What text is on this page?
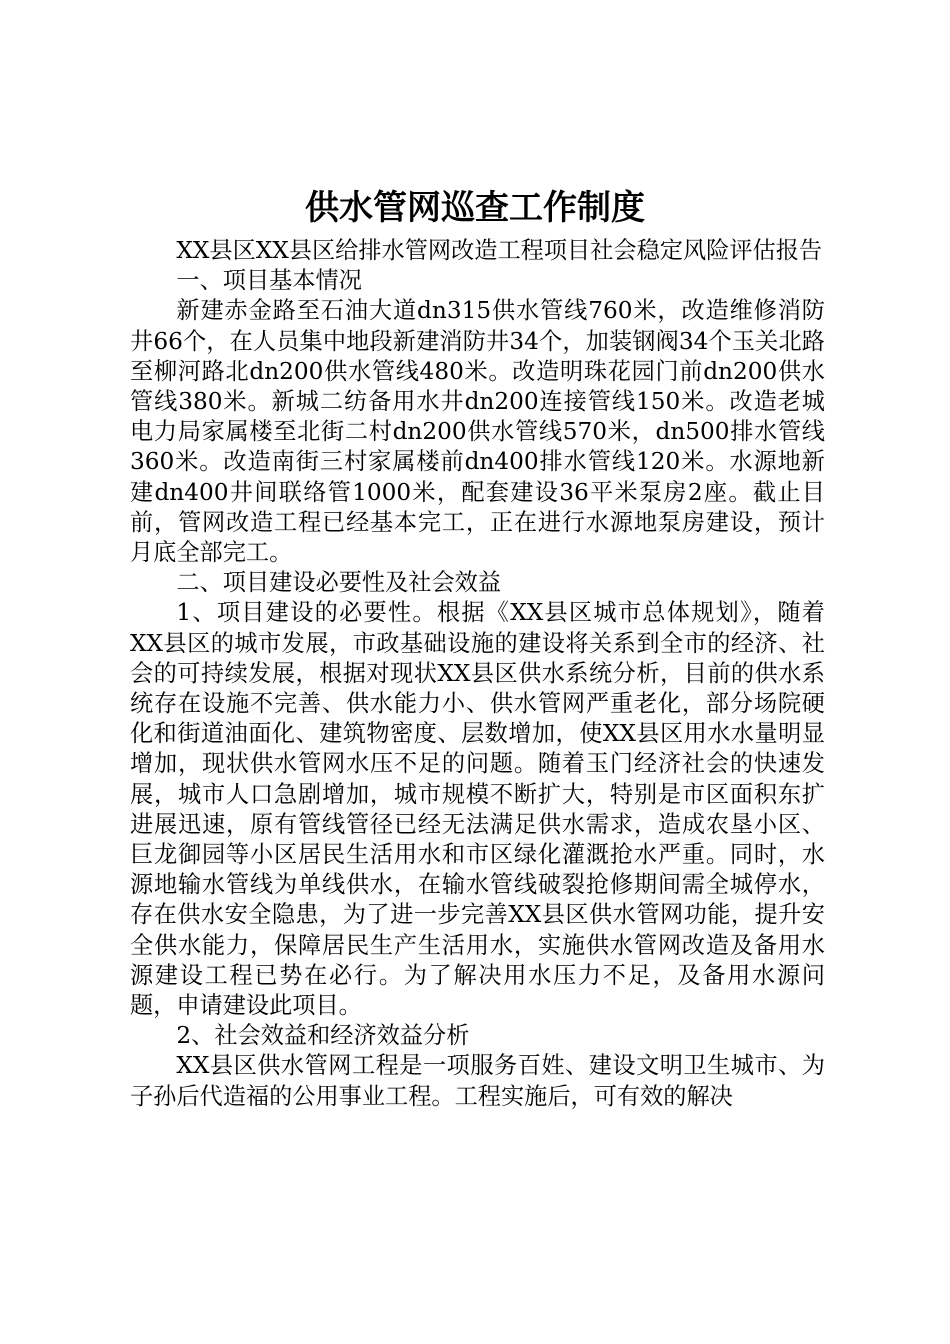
供水管网巡查工作制度

XX县区XX县区给排水管网改造工程项目社会稳定风险评估报告

一、项目基本情况

新建赤金路至石油大道dn315供水管线760米，改造维修消防井66个，在人员集中地段新建消防井34个，加装钢阀34个玉关北路至柳河路北dn200供水管线480米。改造明珠花园门前dn200供水管线380米。新城二纺备用水井dn200连接管线150米。改造老城电力局家属楼至北街二村dn200供水管线570米，dn500排水管线360米。改造南街三村家属楼前dn400排水管线120米。水源地新建dn400井间联络管1000米，配套建设36平米泵房2座。截止目前，管网改造工程已经基本完工，正在进行水源地泵房建设，预计月底全部完工。

二、项目建设必要性及社会效益

1、项目建设的必要性。根据《XX县区城市总体规划》，随着XX县区的城市发展，市政基础设施的建设将关系到全市的经济、社会的可持续发展，根据对现状XX县区供水系统分析，目前的供水系统存在设施不完善、供水能力小、供水管网严重老化，部分场院硬化和街道油面化、建筑物密度、层数增加，使XX县区用水水量明显增加，现状供水管网水压不足的问题。随着玉门经济社会的快速发展，城市人口急剧增加，城市规模不断扩大，特别是市区面积东扩进展迅速，原有管线管径已经无法满足供水需求，造成农垦小区、巨龙御园等小区居民生活用水和市区绿化灌溉抢水严重。同时，水源地输水管线为单线供水，在输水管线破裂抢修期间需全城停水，存在供水安全隐患，为了进一步完善XX县区供水管网功能，提升安全供水能力，保障居民生产生活用水，实施供水管网改造及备用水源建设工程已势在必行。为了解决用水压力不足，及备用水源问题，申请建设此项目。

2、社会效益和经济效益分析

XX县区供水管网工程是一项服务百姓、建设文明卫生城市、为子孙后代造福的公用事业工程。工程实施后，可有效的解决
